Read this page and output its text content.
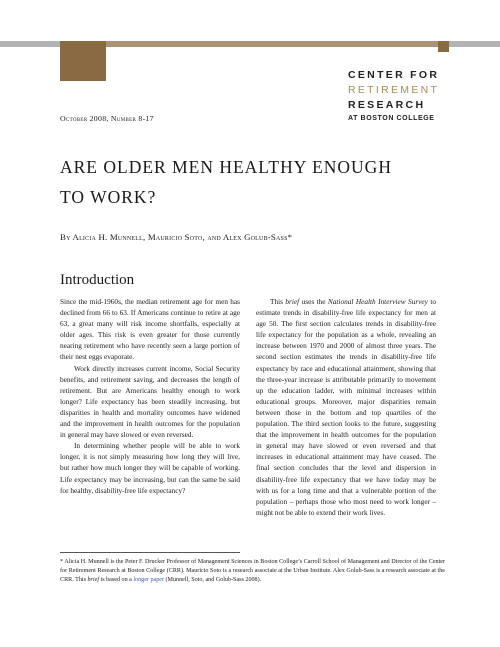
CENTER FOR
RETIREMENT
RESEARCH
AT BOSTON COLLEGE
October 2008, Number 8-17
ARE OLDER MEN HEALTHY ENOUGH
TO WORK?
By Alicia H. Munnell, Mauricio Soto, and Alex Golub-Sass*
Introduction

Since the mid-1960s, the median retirement age for men has declined from 66 to 63. If Americans continue to retire at age 63, a great many will risk income shortfalls, especially at older ages. This risk is even greater for those currently nearing retirement who have recently seen a large portion of their nest eggs evaporate.

Work directly increases current income, Social Security benefits, and retirement saving, and decreases the length of retirement. But are Americans healthy enough to work longer? Life expectancy has been steadily increasing, but disparities in health and mortality outcomes have widened and the improvement in health outcomes for the population in general may have slowed or even reversed.

In determining whether people will be able to work longer, it is not simply measuring how long they will live, but rather how much longer they will be capable of working. Life expectancy may be increasing, but can the same be said for healthy, disability-free life expectancy?

This brief uses the National Health Interview Survey to estimate trends in disability-free life expectancy for men at age 50. The first section calculates trends in disability-free life expectancy for the population as a whole, revealing an increase between 1970 and 2000 of almost three years. The second section estimates the trends in disability-free life expectancy by race and educational attainment, showing that the three-year increase is attributable primarily to movement up the education ladder, with minimal increases within educational groups. Moreover, major disparities remain between those in the bottom and top quartiles of the population. The third section looks to the future, suggesting that the improvement in health outcomes for the population in general may have slowed or even reversed and that increases in educational attainment may have ceased. The final section concludes that the level and dispersion in disability-free life expectancy that we have today may be with us for a long time and that a vulnerable portion of the population – perhaps those who most need to work longer – might not be able to extend their work lives.

* Alicia H. Munnell is the Peter F. Drucker Professor of Management Sciences in Boston College’s Carroll School of Management and Director of the Center for Retirement Research at Boston College (CRR). Mauricio Soto is a research associate at the Urban Institute. Alex Golub-Sass is a research associate at the CRR. This brief is based on a longer paper (Munnell, Soto, and Golub-Sass 2008).
